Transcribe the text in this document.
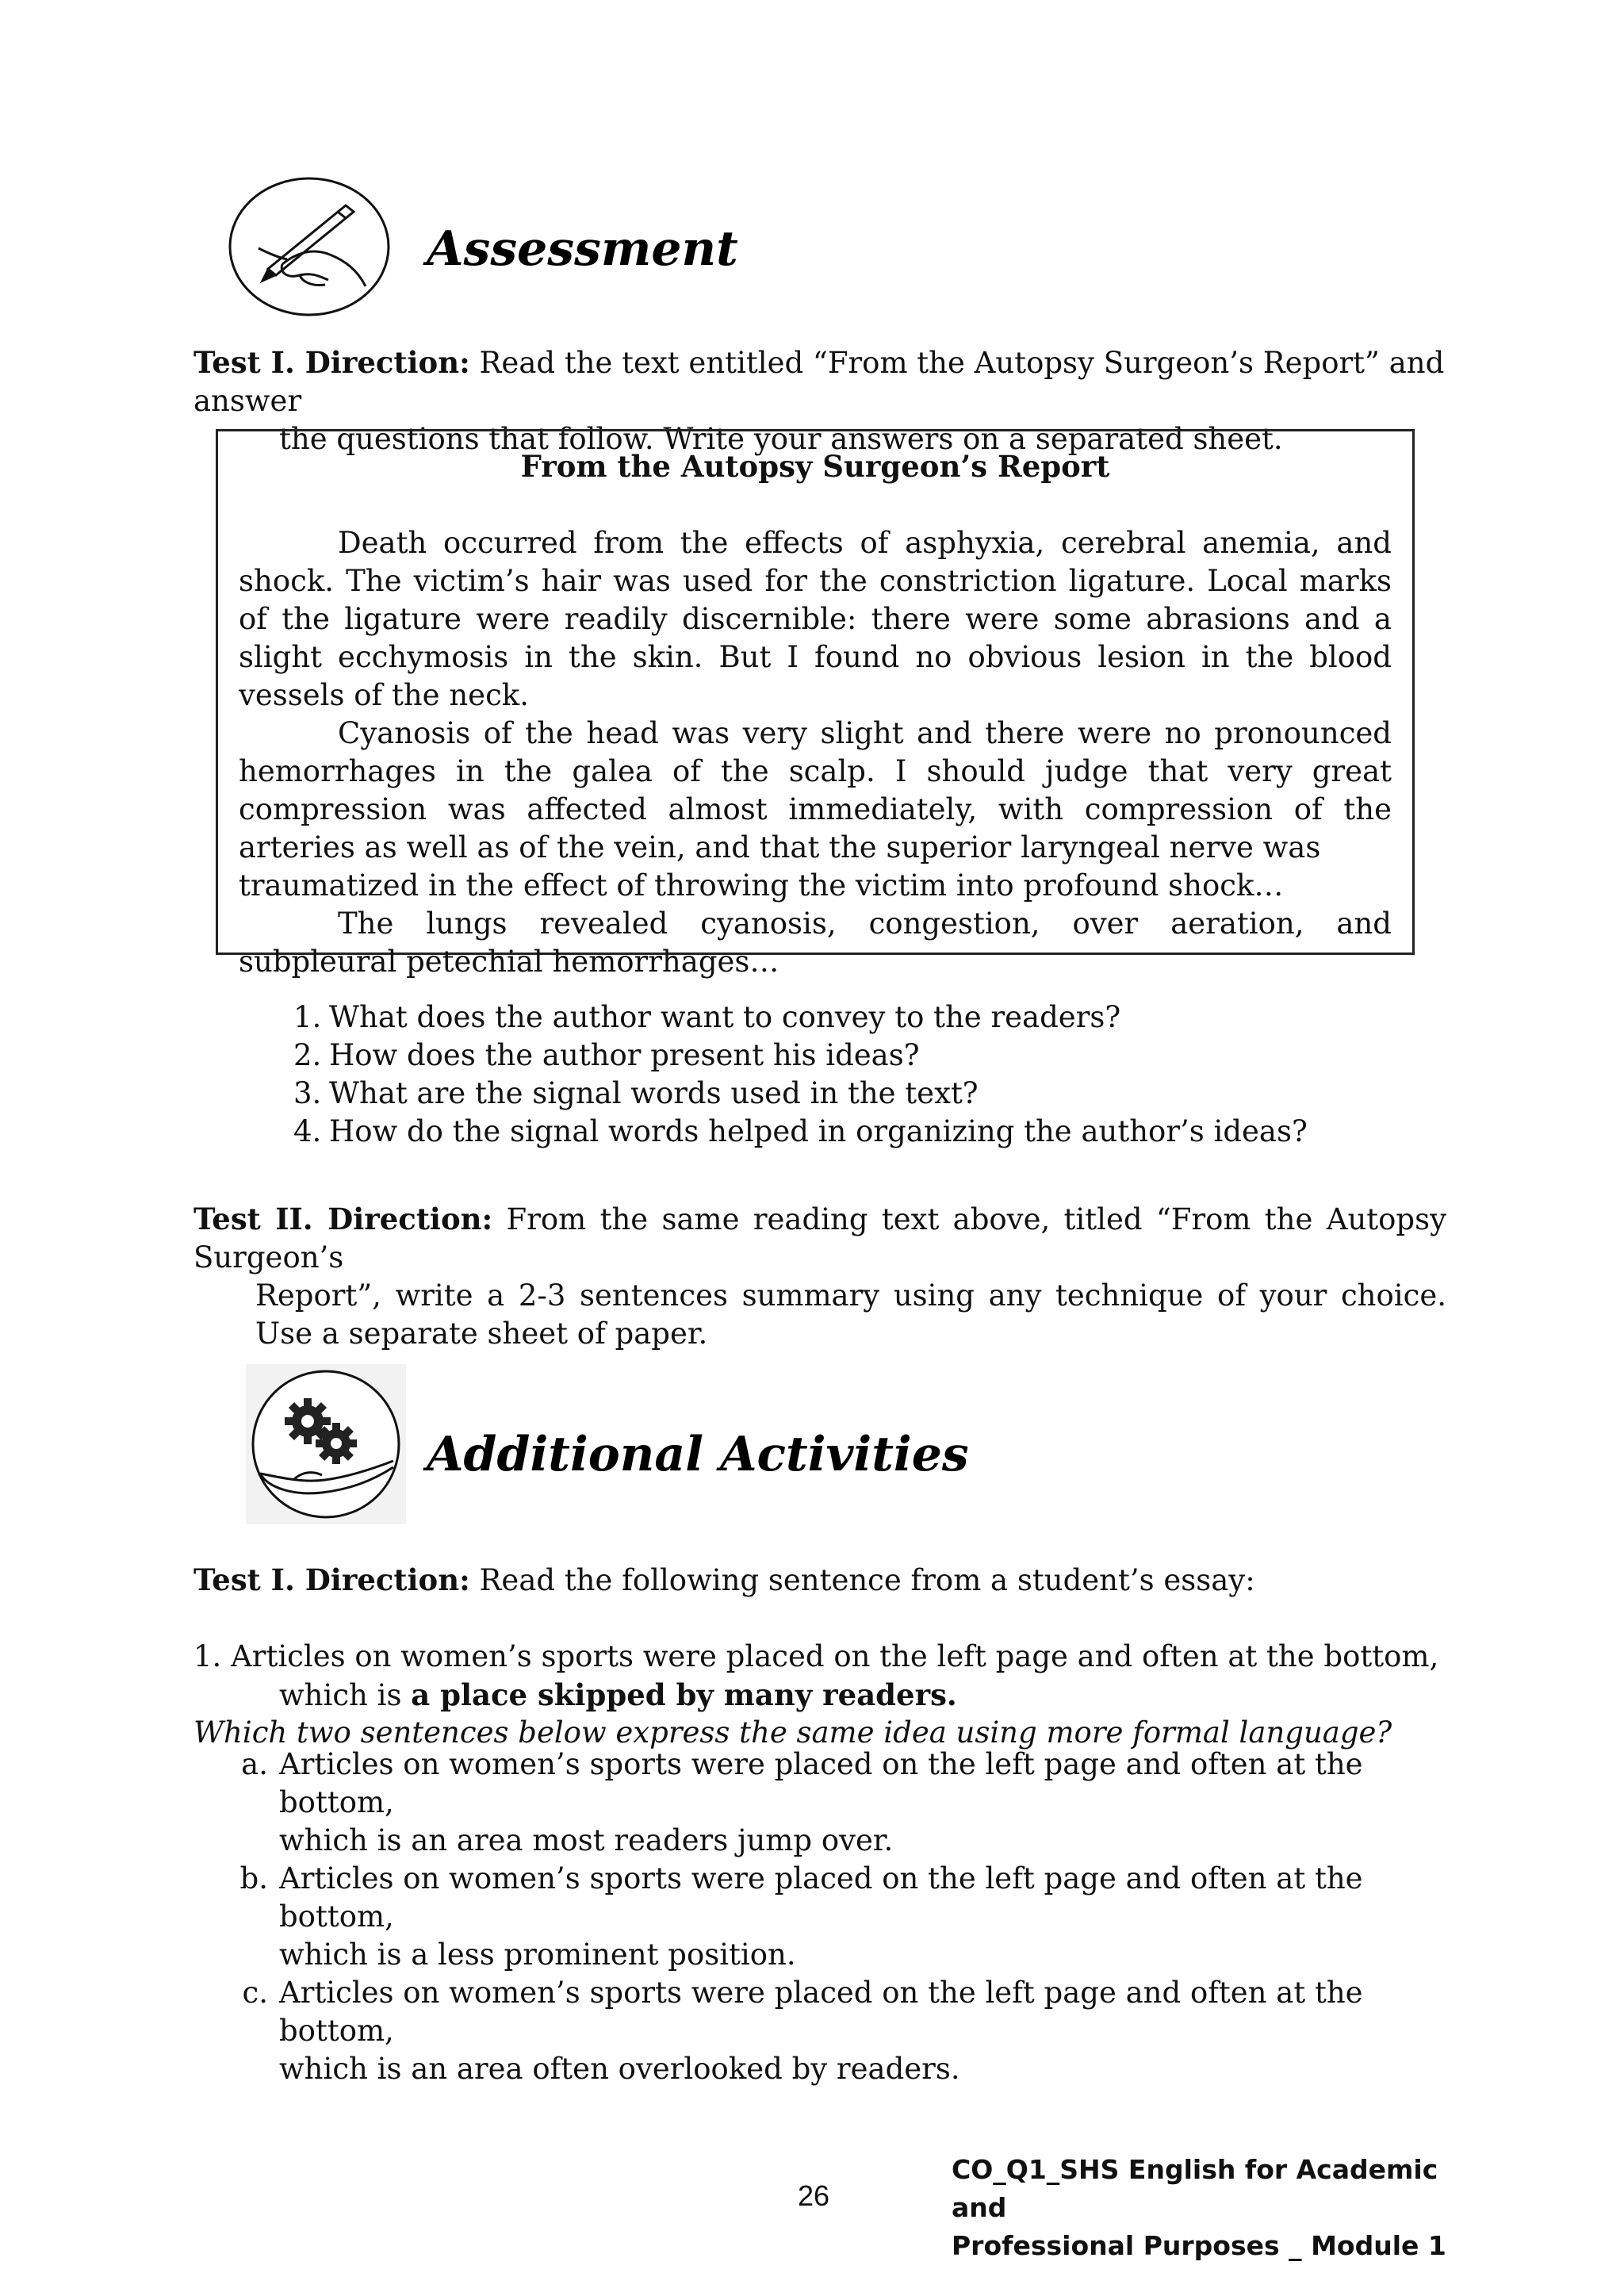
Assessment
Test I. Direction: Read the text entitled “From the Autopsy Surgeon’s Report” and answer
the questions that follow. Write your answers on a separated sheet.
From the Autopsy Surgeon’s Report

Death occurred from the effects of asphyxia, cerebral anemia, and shock. The victim’s hair was used for the constriction ligature. Local marks of the ligature were readily discernible: there were some abrasions and a slight ecchymosis in the skin. But I found no obvious lesion in the blood vessels of the neck.

Cyanosis of the head was very slight and there were no pronounced hemorrhages in the galea of the scalp. I should judge that very great compression was affected almost immediately, with compression of the arteries as well as of the vein, and that the superior laryngeal nerve was

traumatized in the effect of throwing the victim into profound shock…

The lungs revealed cyanosis, congestion, over aeration, and subpleural petechial hemorrhages…

1. What does the author want to convey to the readers?
2. How does the author present his ideas?
3. What are the signal words used in the text?
4. How do the signal words helped in organizing the author’s ideas?
Test II. Direction: From the same reading text above, titled “From the Autopsy Surgeon’s
Report”, write a 2-3 sentences summary using any technique of your choice. Use a separate sheet of paper.
Additional Activities
Test I. Direction: Read the following sentence from a student’s essay:
1. Articles on women’s sports were placed on the left page and often at the bottom,
which is a place skipped by many readers.
Which two sentences below express the same idea using more formal language?
a. Articles on women’s sports were placed on the left page and often at the bottom,
which is an area most readers jump over.
b. Articles on women’s sports were placed on the left page and often at the bottom,
which is a less prominent position.
c. Articles on women’s sports were placed on the left page and often at the bottom,
which is an area often overlooked by readers.
26
CO_Q1_SHS English for Academic and
Professional Purposes _ Module 1
